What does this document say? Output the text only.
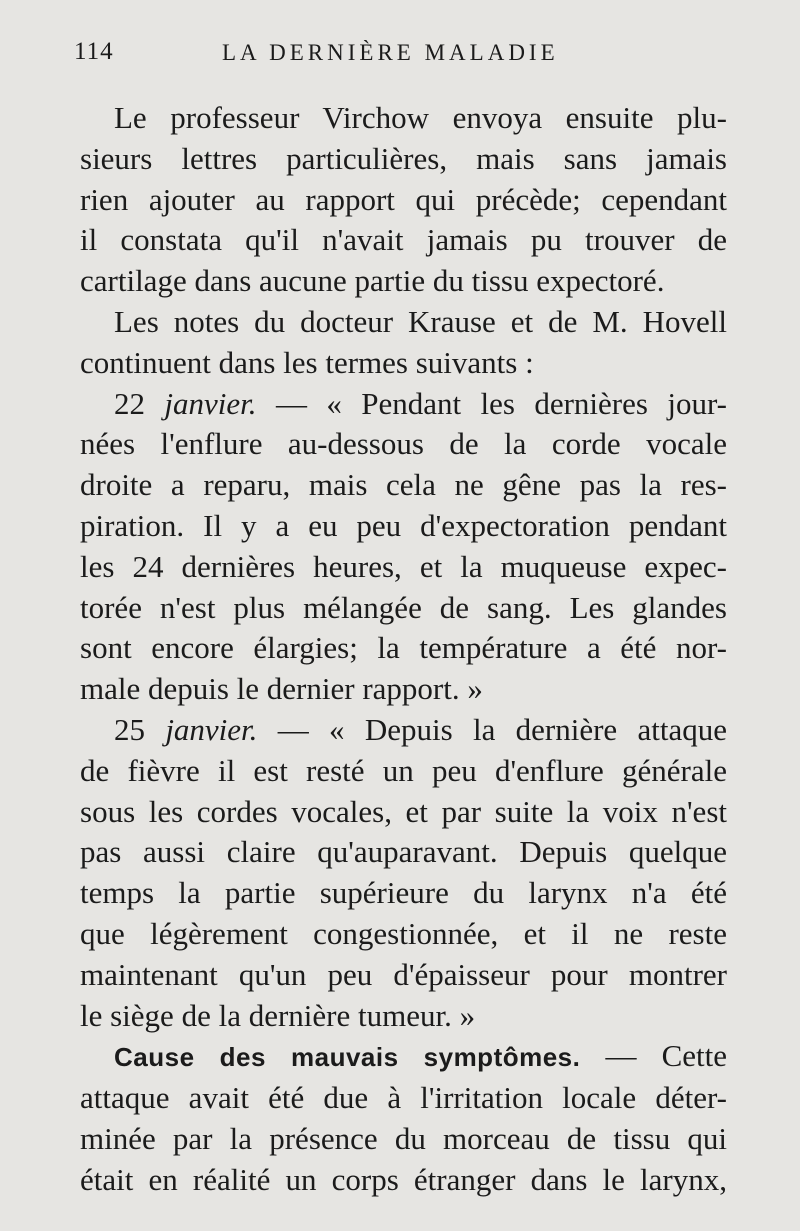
114	LA DERNIÈRE MALADIE
Le professeur Virchow envoya ensuite plu-
sieurs lettres particulières, mais sans jamais
rien ajouter au rapport qui précède; cependant
il constata qu'il n'avait jamais pu trouver de
cartilage dans aucune partie du tissu expectoré.
Les notes du docteur Krause et de M. Hovell
continuent dans les termes suivants :
22 janvier. — « Pendant les dernières jour-
nées l'enflure au-dessous de la corde vocale
droite a reparu, mais cela ne gêne pas la res-
piration. Il y a eu peu d'expectoration pendant
les 24 dernières heures, et la muqueuse expec-
torée n'est plus mélangée de sang. Les glandes
sont encore élargies; la température a été nor-
male depuis le dernier rapport. »
25 janvier. — « Depuis la dernière attaque
de fièvre il est resté un peu d'enflure générale
sous les cordes vocales, et par suite la voix n'est
pas aussi claire qu'auparavant. Depuis quelque
temps la partie supérieure du larynx n'a été
que légèrement congestionnée, et il ne reste
maintenant qu'un peu d'épaisseur pour montrer
le siège de la dernière tumeur. »
Cause des mauvais symptômes. — Cette
attaque avait été due à l'irritation locale déter-
minée par la présence du morceau de tissu qui
était en réalité un corps étranger dans le larynx,
